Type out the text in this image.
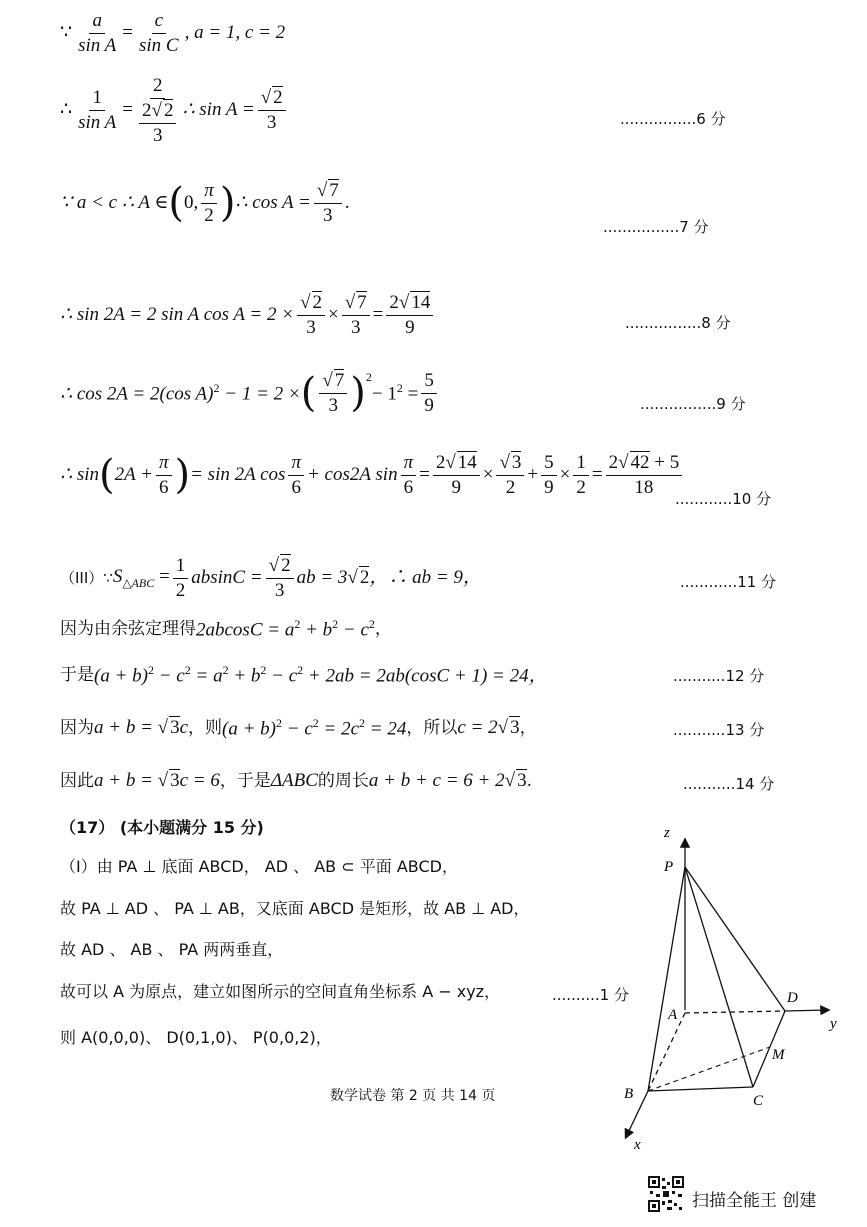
∵ $\frac{a}{\text{sin A}} = \frac{c}{\text{sin C}}$ , a = 1, c = 2
∴ $\frac{1}{\text{sin A}} = \frac{2}{\frac{2√ 2}{3}}$ ∴ $\sin A = \frac{√ 2}{3}$	................6 分
∵ a < c ∴ A ∈ ( 0, $\frac{\pi}{2}$ ) ∴ $\cos A = \frac{√ 7}{3}$ .
................7 分
∴ sin 2A = 2 sin A $\cos A = 2 \times \frac{√ 2}{3} \times \frac{√ 7}{3} = \frac{2√ 14}{9}$	................8 分
∴ cos 2A = 2(cos A)$^2$ − 1 = 2 × ( $\frac{√ 7}{3}$ ) 2
− $1^2 = \frac{5}{9}$	................9 分
∴ sin ( $2A + \frac{\pi}{6}$ ) = sin 2A $\cos \frac{\pi}{6} + \cos 2A$ $\sin \frac{\pi}{6} = \frac{2√ 14}{9} \times \frac{√ 3}{2} + \frac{5}{9} \times \frac{1}{2} = \frac{2√ 42 + 5}{18}$
............10 分
（III）∵ $S_{\triangle ABC} = \frac{1}{2}$ $absinC = \frac{√ 2}{3}$ ab = 3√ 2 ，∴ ab = 9，	............11 分
因为由余弦定理得 $2abcosC = a^2 + b^2 - c^2$ ，
于是 $(a + b)^2 - c^2 = a^2 + b^2 - c^2 + 2ab = 2ab(\cos C + 1) = 24$，	...........12 分
因为 a + b = √ 3c ，则 $(a + b)^2 - c^2 = 2c^2 = 24$ ，所以 c = 2√ 3 ，	...........13 分
因此 a + b = √ 3c = 6 ，于是 ΔABC 的周长 a + b + c = 6 + 2√ 3 .	...........14 分
（17） (本小题满分 15 分)
（I）由 PA ⊥ 底面 ABCD， AD 、 AB ⊂ 平面 ABCD，
故 PA ⊥ AD 、 PA ⊥ AB，又底面 ABCD 是矩形，故 AB ⊥ AD，
故 AD 、 AB 、 PA 两两垂直，
故可以 A 为原点，建立如图所示的空间直角坐标系 A − xyz，	..........1 分
则 A(0,0,0)、 D(0,1,0)、 P(0,0,2)，
z
y
x
P
A
D
M
B	C
数学试卷 第 2 页 共 14 页
扫描全能王 创建
